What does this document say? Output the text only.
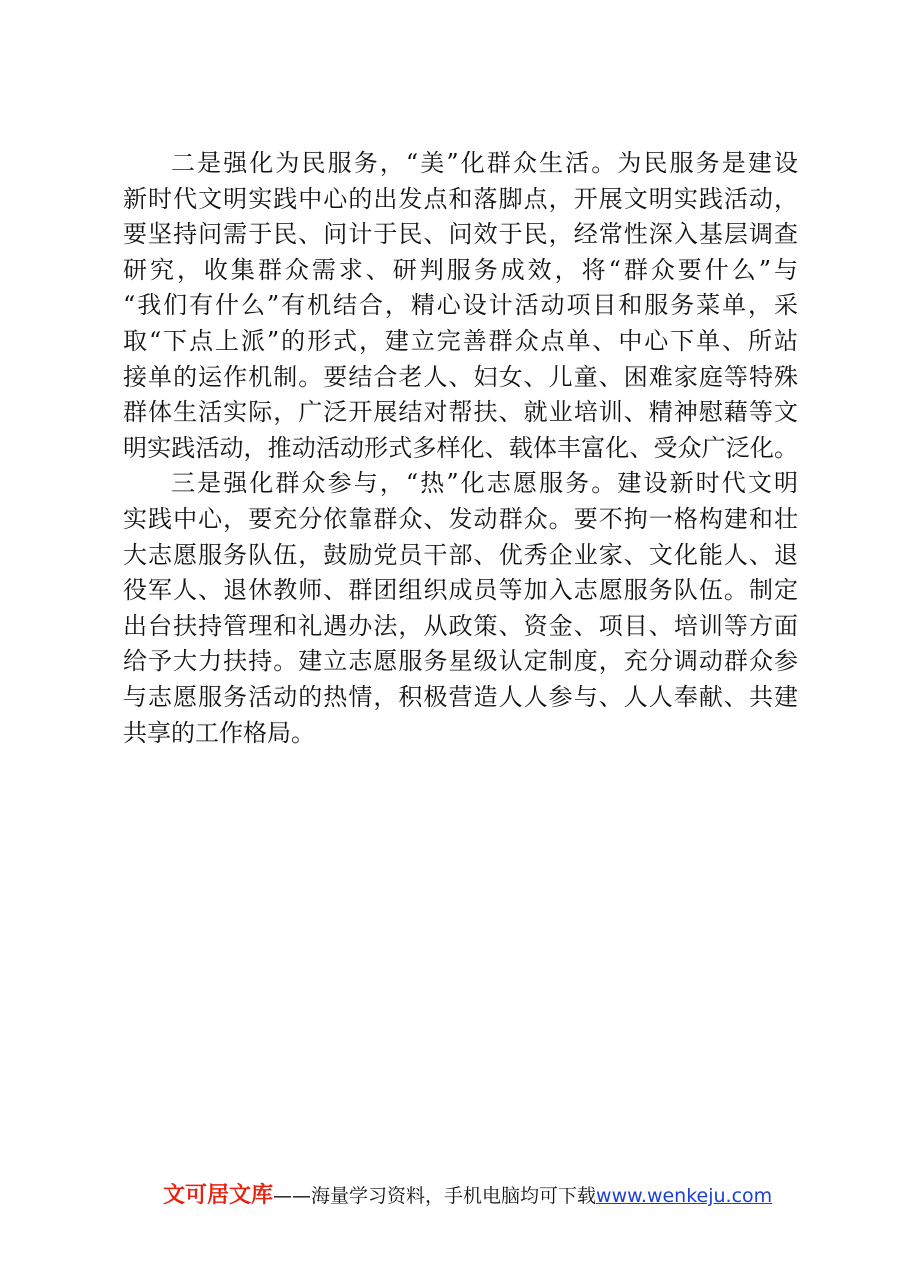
二是强化为民服务，“美”化群众生活。为民服务是建设
新时代文明实践中心的出发点和落脚点，开展文明实践活动，
要坚持问需于民、问计于民、问效于民，经常性深入基层调查
研究，收集群众需求、研判服务成效，将“群众要什么”与
“我们有什么”有机结合，精心设计活动项目和服务菜单，采
取“下点上派”的形式，建立完善群众点单、中心下单、所站
接单的运作机制。要结合老人、妇女、儿童、困难家庭等特殊
群体生活实际，广泛开展结对帮扶、就业培训、精神慰藉等文
明实践活动，推动活动形式多样化、载体丰富化、受众广泛化。
三是强化群众参与，“热”化志愿服务。建设新时代文明
实践中心，要充分依靠群众、发动群众。要不拘一格构建和壮
大志愿服务队伍，鼓励党员干部、优秀企业家、文化能人、退
役军人、退休教师、群团组织成员等加入志愿服务队伍。制定
出台扶持管理和礼遇办法，从政策、资金、项目、培训等方面
给予大力扶持。建立志愿服务星级认定制度，充分调动群众参
与志愿服务活动的热情，积极营造人人参与、人人奉献、共建
共享的工作格局。
文可居文库——海量学习资料，手机电脑均可下载www.wenkeju.com
